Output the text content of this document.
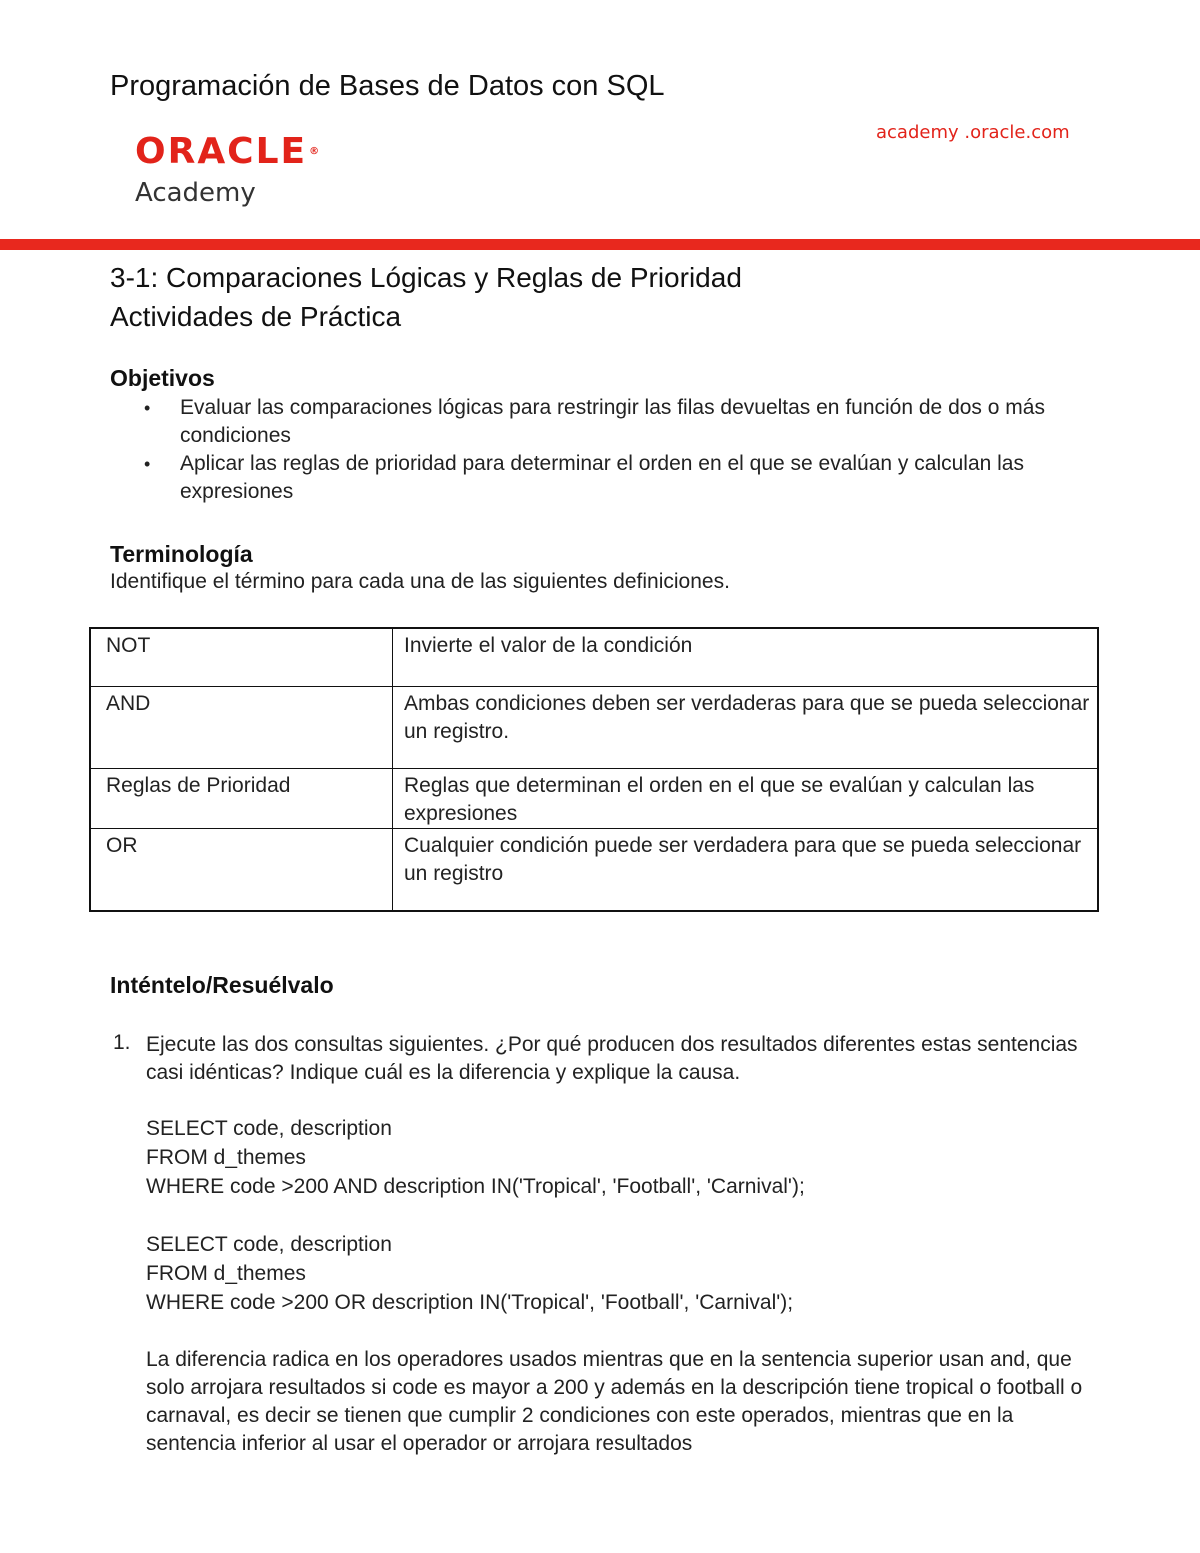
Programación de Bases de Datos con SQL
ORACLE ®
Academy
academy .oracle.com
3-1: Comparaciones Lógicas y Reglas de Prioridad
Actividades de Práctica
Objetivos
• Evaluar las comparaciones lógicas para restringir las filas devueltas en función de dos o más condiciones
• Aplicar las reglas de prioridad para determinar el orden en el que se evalúan y calculan las expresiones
Terminología
Identifique el término para cada una de las siguientes definiciones.
NOT	Invierte el valor de la condición
AND	Ambas condiciones deben ser verdaderas para que se pueda seleccionar un registro.
Reglas de Prioridad	Reglas que determinan el orden en el que se evalúan y calculan las expresiones
OR	Cualquier condición puede ser verdadera para que se pueda seleccionar un registro
Inténtelo/Resuélvalo
1. Ejecute las dos consultas siguientes. ¿Por qué producen dos resultados diferentes estas sentencias casi idénticas? Indique cuál es la diferencia y explique la causa.
SELECT code, description
FROM d_themes
WHERE code >200 AND description IN('Tropical', 'Football', 'Carnival');
SELECT code, description
FROM d_themes
WHERE code >200 OR description IN('Tropical', 'Football', 'Carnival');
La diferencia radica en los operadores usados mientras que en la sentencia superior usan and, que solo arrojara resultados si code es mayor a 200 y además en la descripción tiene tropical o football o carnaval, es decir se tienen que cumplir 2 condiciones con este operados, mientras que en la sentencia inferior al usar el operador or arrojara resultados
